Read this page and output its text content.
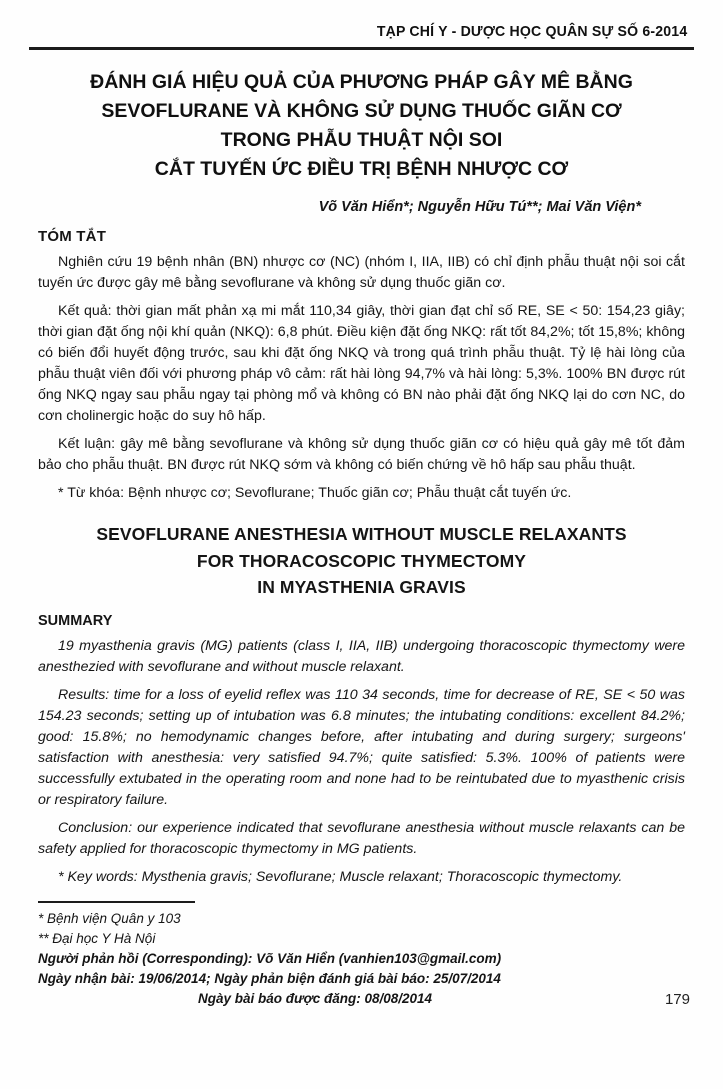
TẠP CHÍ Y - DƯỢC HỌC QUÂN SỰ SỐ 6-2014
ĐÁNH GIÁ HIỆU QUẢ CỦA PHƯƠNG PHÁP GÂY MÊ BẰNG
SEVOFLURANE VÀ KHÔNG SỬ DỤNG THUỐC GIÃN CƠ
TRONG PHẪU THUẬT NỘI SOI
CẮT TUYẾN ỨC ĐIỀU TRỊ BỆNH NHƯỢC CƠ
Võ Văn Hiển*; Nguyễn Hữu Tú**; Mai Văn Viện*
TÓM TẮT

Nghiên cứu 19 bệnh nhân (BN) nhược cơ (NC) (nhóm I, IIA, IIB) có chỉ định phẫu thuật nội soi cắt tuyến ức được gây mê bằng sevoflurane và không sử dụng thuốc giãn cơ.

Kết quả: thời gian mất phản xạ mi mắt 110,34 giây, thời gian đạt chỉ số RE, SE < 50: 154,23 giây; thời gian đặt ống nội khí quản (NKQ): 6,8 phút. Điều kiện đặt ống NKQ: rất tốt 84,2%; tốt 15,8%; không có biến đổi huyết động trước, sau khi đặt ống NKQ và trong quá trình phẫu thuật. Tỷ lệ hài lòng của phẫu thuật viên đối với phương pháp vô cảm: rất hài lòng 94,7% và hài lòng: 5,3%. 100% BN được rút ống NKQ ngay sau phẫu ngay tại phòng mổ và không có BN nào phải đặt ống NKQ lại do cơn NC, do cơn cholinergic hoặc do suy hô hấp.

Kết luận: gây mê bằng sevoflurane và không sử dụng thuốc giãn cơ có hiệu quả gây mê tốt đảm bảo cho phẫu thuật. BN được rút NKQ sớm và không có biến chứng về hô hấp sau phẫu thuật.

* Từ khóa: Bệnh nhược cơ; Sevoflurane; Thuốc giãn cơ; Phẫu thuật cắt tuyến ức.

SEVOFLURANE ANESTHESIA WITHOUT MUSCLE RELAXANTS
FOR THORACOSCOPIC THYMECTOMY
IN MYASTHENIA GRAVIS
SUMMARY

19 myasthenia gravis (MG) patients (class I, IIA, IIB) undergoing thoracoscopic thymectomy were anesthezied with sevoflurane and without muscle relaxant.

Results: time for a loss of eyelid reflex was 110 34 seconds, time for decrease of RE, SE < 50 was 154.23 seconds; setting up of intubation was 6.8 minutes; the intubating conditions: excellent 84.2%; good: 15.8%; no hemodynamic changes before, after intubating and during surgery; surgeons' satisfaction with anesthesia: very satisfied 94.7%; quite satisfied: 5.3%. 100% of patients were successfully extubated in the operating room and none had to be reintubated due to myasthenic crisis or respiratory failure.

Conclusion: our experience indicated that sevoflurane anesthesia without muscle relaxants can be safety applied for thoracoscopic thymectomy in MG patients.

* Key words: Mysthenia gravis; Sevoflurane; Muscle relaxant; Thoracoscopic thymectomy.

* Bệnh viện Quân y 103
** Đại học Y Hà Nội
Người phản hồi (Corresponding): Võ Văn Hiển (vanhien103@gmail.com)
Ngày nhận bài: 19/06/2014; Ngày phản biện đánh giá bài báo: 25/07/2014
Ngày bài báo được đăng: 08/08/2014	179
